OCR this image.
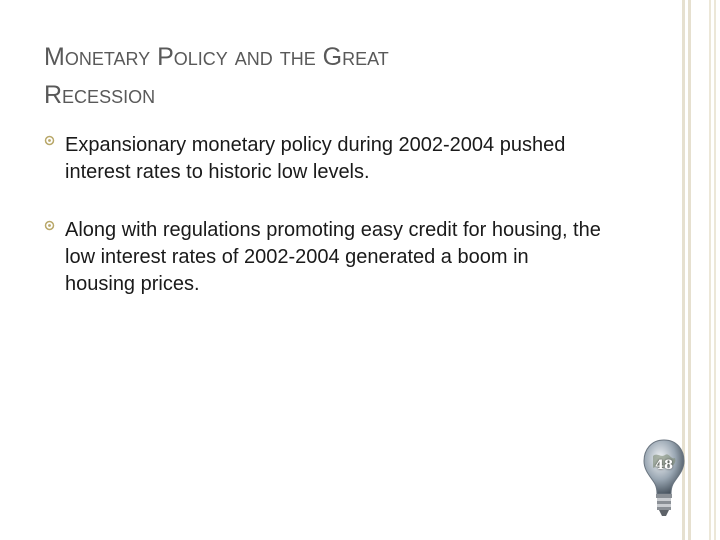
Monetary Policy and the Great
Recession
Expansionary monetary policy during 2002-2004 pushed interest rates to historic low levels.
Along with regulations promoting easy credit for housing, the low interest rates of 2002-2004 generated a boom in housing prices.
48
